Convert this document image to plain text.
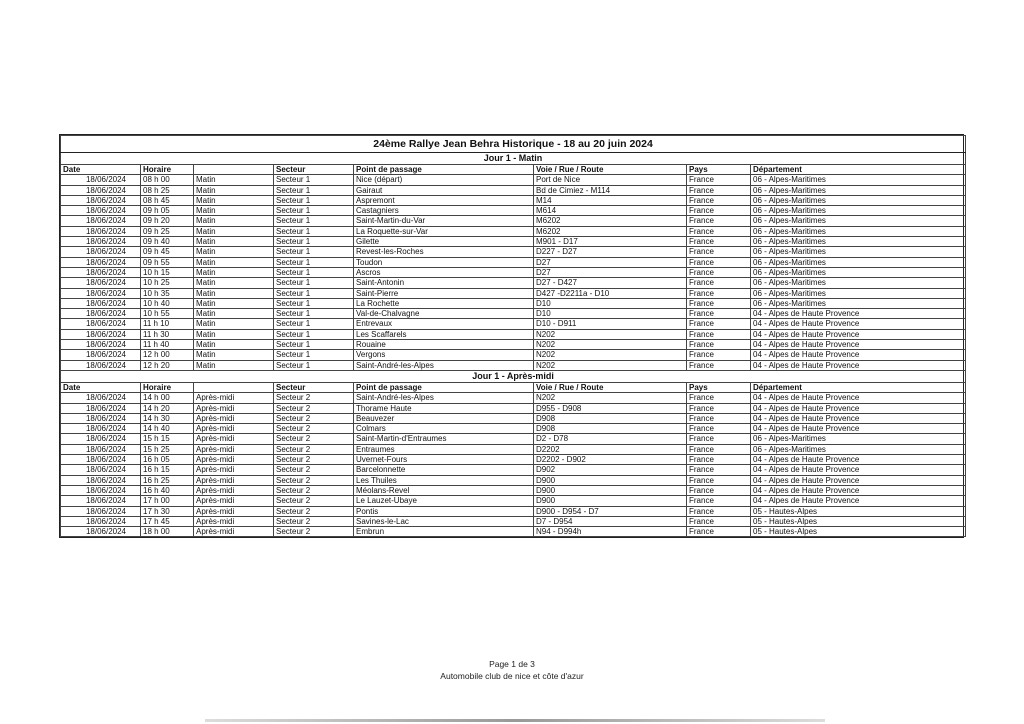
24ème Rallye Jean Behra Historique - 18 au 20 juin 2024							
Jour 1 - Matin							
Date	Horaire		Secteur	Point de passage	Voie / Rue / Route	Pays	Département
18/06/2024	08 h 00	Matin	Secteur 1	Nice (départ)	Port de Nice	France	06 - Alpes-Maritimes
18/06/2024	08 h 25	Matin	Secteur 1	Gairaut	Bd de Cimiez - M114	France	06 - Alpes-Maritimes
18/06/2024	08 h 45	Matin	Secteur 1	Aspremont	M14	France	06 - Alpes-Maritimes
18/06/2024	09 h 05	Matin	Secteur 1	Castagniers	M614	France	06 - Alpes-Maritimes
18/06/2024	09 h 20	Matin	Secteur 1	Saint-Martin-du-Var	M6202	France	06 - Alpes-Maritimes
18/06/2024	09 h 25	Matin	Secteur 1	La Roquette-sur-Var	M6202	France	06 - Alpes-Maritimes
18/06/2024	09 h 40	Matin	Secteur 1	Gilette	M901 - D17	France	06 - Alpes-Maritimes
18/06/2024	09 h 45	Matin	Secteur 1	Revest-les-Roches	D227 - D27	France	06 - Alpes-Maritimes
18/06/2024	09 h 55	Matin	Secteur 1	Toudon	D27	France	06 - Alpes-Maritimes
18/06/2024	10 h 15	Matin	Secteur 1	Ascros	D27	France	06 - Alpes-Maritimes
18/06/2024	10 h 25	Matin	Secteur 1	Saint-Antonin	D27 - D427	France	06 - Alpes-Maritimes
18/06/2024	10 h 35	Matin	Secteur 1	Saint-Pierre	D427 -D2211a - D10	France	06 - Alpes-Maritimes
18/06/2024	10 h 40	Matin	Secteur 1	La Rochette	D10	France	06 - Alpes-Maritimes
18/06/2024	10 h 55	Matin	Secteur 1	Val-de-Chalvagne	D10	France	04 - Alpes de Haute Provence
18/06/2024	11 h 10	Matin	Secteur 1	Entrevaux	D10 - D911	France	04 - Alpes de Haute Provence
18/06/2024	11 h 30	Matin	Secteur 1	Les Scaffarels	N202	France	04 - Alpes de Haute Provence
18/06/2024	11 h 40	Matin	Secteur 1	Rouaine	N202	France	04 - Alpes de Haute Provence
18/06/2024	12 h 00	Matin	Secteur 1	Vergons	N202	France	04 - Alpes de Haute Provence
18/06/2024	12 h 20	Matin	Secteur 1	Saint-André-les-Alpes	N202	France	04 - Alpes de Haute Provence
Jour 1 - Après-midi							
Date	Horaire		Secteur	Point de passage	Voie / Rue / Route	Pays	Département
18/06/2024	14 h 00	Après-midi	Secteur 2	Saint-André-les-Alpes	N202	France	04 - Alpes de Haute Provence
18/06/2024	14 h 20	Après-midi	Secteur 2	Thorame Haute	D955 - D908	France	04 - Alpes de Haute Provence
18/06/2024	14 h 30	Après-midi	Secteur 2	Beauvezer	D908	France	04 - Alpes de Haute Provence
18/06/2024	14 h 40	Après-midi	Secteur 2	Colmars	D908	France	04 - Alpes de Haute Provence
18/06/2024	15 h 15	Après-midi	Secteur 2	Saint-Martin-d'Entraumes	D2 - D78	France	06 - Alpes-Maritimes
18/06/2024	15 h 25	Après-midi	Secteur 2	Entraumes	D2202	France	06 - Alpes-Maritimes
18/06/2024	16 h 05	Après-midi	Secteur 2	Uvernet-Fours	D2202 - D902	France	04 - Alpes de Haute Provence
18/06/2024	16 h 15	Après-midi	Secteur 2	Barcelonnette	D902	France	04 - Alpes de Haute Provence
18/06/2024	16 h 25	Après-midi	Secteur 2	Les Thuiles	D900	France	04 - Alpes de Haute Provence
18/06/2024	16 h 40	Après-midi	Secteur 2	Méolans-Revel	D900	France	04 - Alpes de Haute Provence
18/06/2024	17 h 00	Après-midi	Secteur 2	Le Lauzet-Ubaye	D900	France	04 - Alpes de Haute Provence
18/06/2024	17 h 30	Après-midi	Secteur 2	Pontis	D900 - D954 - D7	France	05 - Hautes-Alpes
18/06/2024	17 h 45	Après-midi	Secteur 2	Savines-le-Lac	D7 - D954	France	05 - Hautes-Alpes
18/06/2024	18 h 00	Après-midi	Secteur 2	Embrun	N94 - D994h	France	05 - Hautes-Alpes
Page 1 de 3
Automobile club de nice et côte d'azur
